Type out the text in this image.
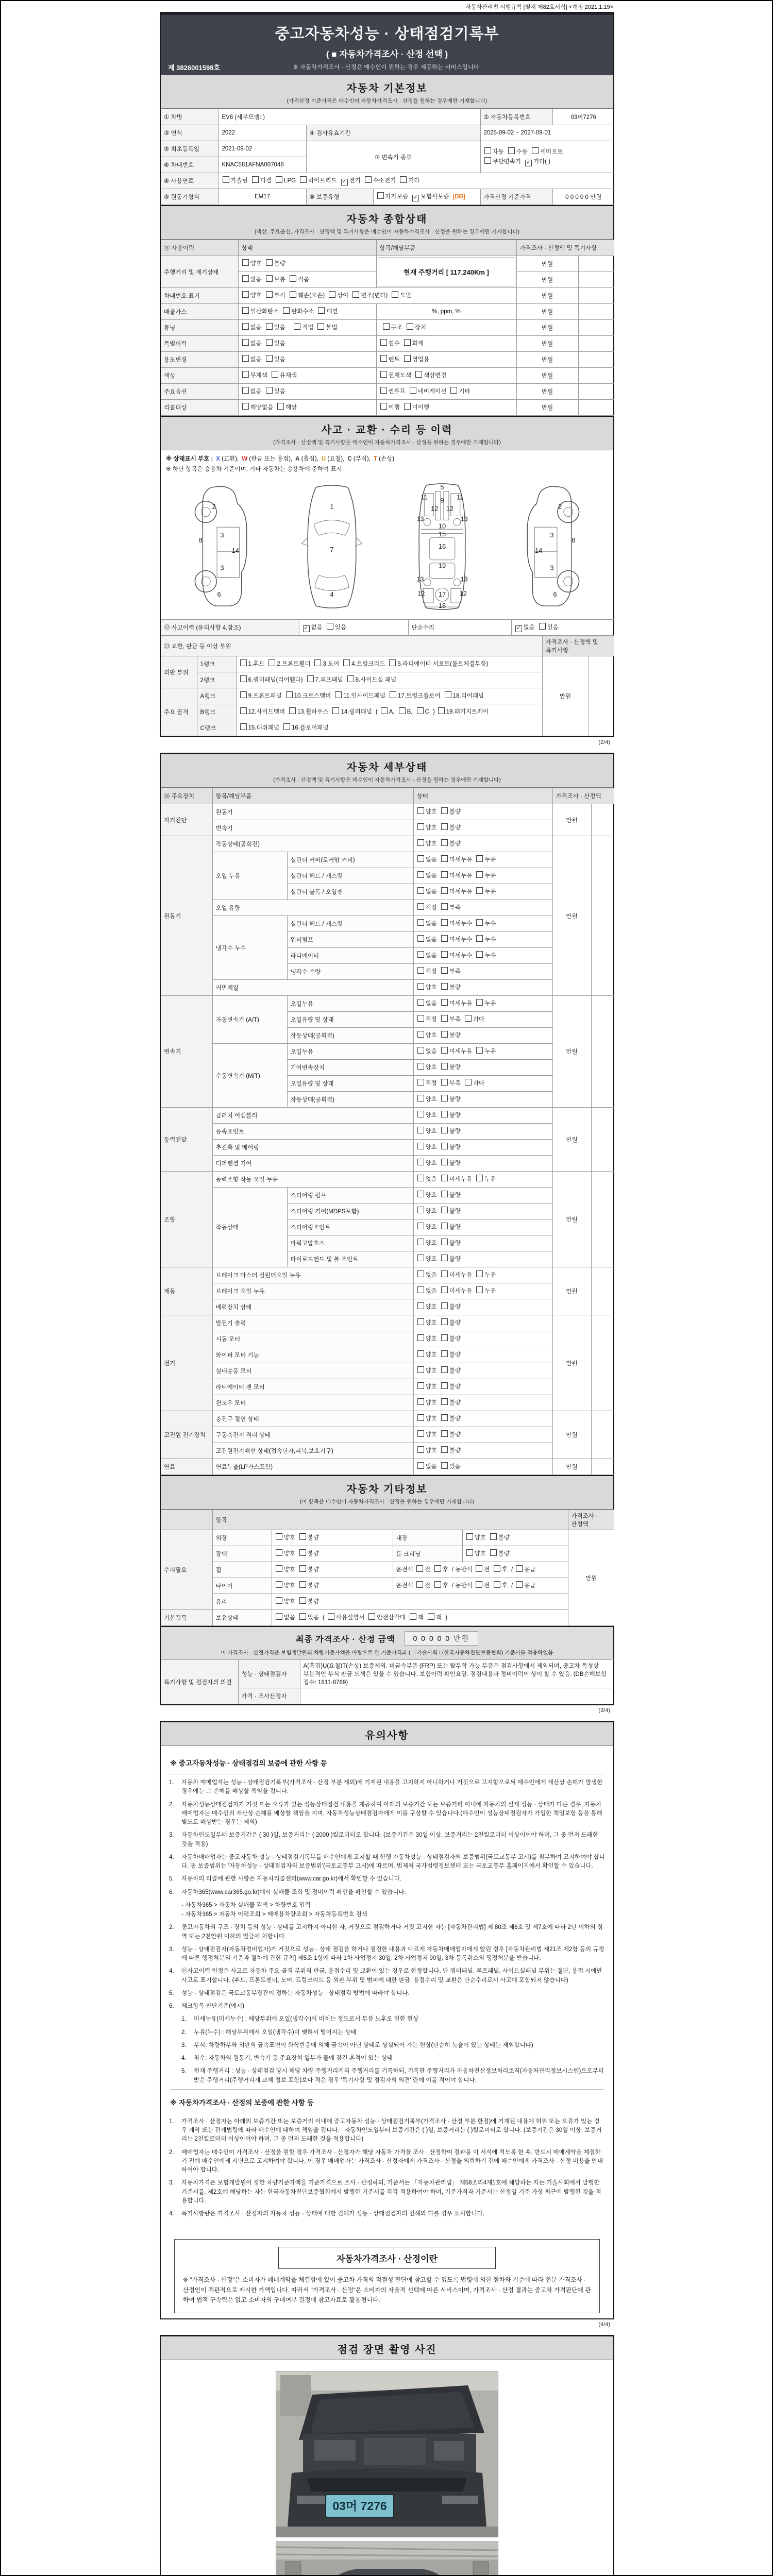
자동차관리법 시행규칙 [별지 제82호서식] <개정 2021.1.19>
중고자동차성능 · 상태점검기록부
( ■ 자동차가격조사 · 산정 선택 )
※ 자동차가격조사 · 산정은 매수인이 원하는 경우 제공하는 서비스입니다.
제 3826001598호
자동차 기본정보
(가격산정 기준가격은 매수인이 자동차가격조사 · 산정을 원하는 경우에만 기재합니다)
① 차명	EV6 (세부모델: )			② 자동차등록번호	03머7276
③ 연식	2022	④ 검사유효기간		2025-09-02 ~ 2027-09-01	
⑤ 최초등록일	2021-09-02	⑦ 변속기 종류		자동 수동 세미오토
무단변속기 ✓ 기타( )	

⑥ 차대번호	KNAC581AFNA007048				
⑧ 사용연료	가솔린 디젤 LPG 하이브리드 ✓ 전기 수소전기 기타				

⑨ 원동기형식	EM17	⑩ 보증유형	자가보증 ✓ 보험사보증 [DB]	가격산정 기준가격	0 0 0 0 0 만원
자동차 종합상태
(색상, 주요옵션, 가격조사 · 산정액 및 특기사항은 매수인이 자동차가격조사 · 산정을 원하는 경우에만 기재합니다)
⑪ 사용이력	상태	항목/해당부품	가격조사 · 산정액 및 특기사항	
주행거리 및 계기상태	양호 불량	현재 주행거리 [ 117,240Km ]	만원	

	많음 보통 적음		만원	
차대번호 표기	양호 부식 훼손(오손) 상이 변조(변타) 도말		만원	
배출가스	일산화탄소 탄화수소 매연	%, ppm, %	만원	
튜닝	없음 있음 적법 불법	구조 장치	만원	
특별이력	없음 있음	침수 화재	만원	
용도변경	없음 있음	렌트 영업용	만원	
색상	무채색 유채색	전체도색 색상변경	만원	
주요옵션	없음 있음	썬루프 네비게이션 기타	만원	
리콜대상	해당없음 해당	이행 미이행	만원	
사고 · 교환 · 수리 등 이력
(가격조사 · 산정액 및 특기사항은 매수인이 자동차가격조사 · 산정을 원하는 경우에만 기재합니다)
※ 상태표시 부호 : X (교환), W (판금 또는 용접), A (흠집), U (요철), C (부식), T (손상)
※ 하단 항목은 승용차 기준이며, 기타 자동차는 승용차에 준하여 표시
2
8
3
14
3
6
1
7
4
5
11 9 11
13
12 12
13
10
15
16
13
19
13
12 17 12
18
2
3
8
14
3
6
⑫ 사고이력 (유의사항 4.참조)	✓ 없음 있음	단순수리	✓ 없음 있음
⑬ 교환, 판금 등 이상 부위			가격조사 · 산정액 및 특기사항	
외판 부위	1랭크	1.후드 2.프론트휀더 3.도어 4.트렁크리드 5.라디에이터 서포트(볼트체결부품)	만원	
	2랭크	6.쿼터패널(리어휀다) 7.루프패널 8.사이드실 패널		

주요 골격	A랭크	9.프론트패널 10.크로스멤버 11.인사이드패널 17.트렁크플로어 18.리어패널		

	B랭크	12.사이드멤버 13.휠하우스 14.필러패널 ( A, B, C ) 19.패키지트레이		

	C랭크	15.대쉬패널 16.플로어패널		
(2/4)
자동차 세부상태
(가격조사 · 산정액 및 특기사항은 매수인이 자동차가격조사 · 산정을 원하는 경우에만 기재합니다)
⑭ 주요장치	항목/해당부품		상태	가격조사 · 산정액	
자기진단	원동기		양호 불량	만원	
	변속기		양호 불량		

원동기	작동상태(공회전)		양호 불량	만원	
	오일 누유	실린더 커버(로커암 커버)	없음 미세누유 누유		

		실린더 헤드 / 개스킷	없음 미세누유 누유		

		실린더 블록 / 오일팬	없음 미세누유 누유		

	오일 유량		적정 부족		

	냉각수 누수	실린더 헤드 / 개스킷	없음 미세누수 누수		

		워터펌프	없음 미세누수 누수		

		라디에이터	없음 미세누수 누수		

		냉각수 수량	적정 부족		

	커먼레일		양호 불량		

변속기	자동변속기 (A/T)	오일누유	없음 미세누유 누유	만원	
		오일유량 및 상태	적정 부족 과다		

		작동상태(공회전)	양호 불량		

	수동변속기 (M/T)	오일누유	없음 미세누유 누유		

		기어변속장치	양호 불량		

		오일유량 및 상태	적정 부족 과다		

		작동상태(공회전)	양호 불량		

동력전달	클러치 어셈블리		양호 불량	만원	
	등속죠인트		양호 불량		

	추진축 및 베어링		양호 불량		

	디퍼렌셜 기어		양호 불량		

조향	동력조향 작동 오일 누유		없음 미세누유 누유	만원	
	작동상태	스티어링 펌프	양호 불량		

		스티어링 기어(MDPS포함)	양호 불량		

		스티어링조인트	양호 불량		

		파워고압호스	양호 불량		

		타이로드엔드 및 볼 조인트	양호 불량		

제동	브레이크 마스터 실린더오일 누유		없음 미세누유 누유	만원	
	브레이크 오일 누유		없음 미세누유 누유		

	배력장치 상태		양호 불량		

전기	발전기 출력		양호 불량	만원	
	시동 모터		양호 불량		

	와이퍼 모터 기능		양호 불량		

	실내송풍 모터		양호 불량		

	라디에이터 팬 모터		양호 불량		

	윈도우 모터		양호 불량		

고전원 전기장치	충전구 절연 상태		양호 불량	만원	
	구동축전지 격리 상태		양호 불량		

	고전원전기배선 상태(접속단자,피복,보호기구)		양호 불량		

연료	연료누출(LP가스포함)		없음 있음	만원	
자동차 기타정보
(이 항목은 매수인이 자동차가격조사 · 산정을 원하는 경우에만 기재합니다)
	항목				가격조사 · 산정액
수리필요	외장	양호 불량	내장	양호 불량	만원
	광택	양호 불량	룸 크리닝	양호 불량	

	휠	양호 불량	운전석 전 후 / 동반석 전 후 / 응급		

	타이어	양호 불량	운전석 전 후 / 동반석 전 후 / 응급		

	유리	양호 불량			

기본품목	보유상태	없음 있음 ( 사용설명서 안전삼각대 잭 잭 )			
최종 가격조사 · 산정 금액	0 0 0 0 0 만원
이 가격조사 · 산정가격은 보험개발원의 차량기준가액을 바탕으로 한 기준가격과 ( □ 기술사회 □ 한국자동차진단보증협회) 기준서를 적용하였음
특기사항 및 점검자의 의견	성능 · 상태점검자	A(흠집)U(요철)T(손상) 보증제외. 비금속부품 (FRP) 또는 탈부착 가능 부품은 점검사항에서 제외되며, 중고차 특성상 부분적인 부식 판금 도색은 있을 수 있습니다. 보험이력 확인요망. 점검내용과 정비이력이 상이 할 수 있음. (DB손해보험 접수: 1811-8769)
	가격 · 조사산정자	
(3/4)
유의사항
※ 중고자동차성능 · 상태점검의 보증에 관한 사항 등
1.	자동차 매매업자는 성능 · 상태점검기록부(가격조사 · 산정 부분 제외)에 기재된 내용을 고지하지 아니하거나 거짓으로 고지함으로써 매수인에게 재산상 손해가 발생한 경우에는 그 손해를 배상할 책임을 집니다.
2.	자동차성능상태점검자가 거짓 또는 오류가 있는 성능상태점검 내용을 제공하여 아래의 보증기간 또는 보증거리 이내에 자동차의 실제 성능 · 상태가 다른 경우, 자동차매매업자는 매수인의 재산상 손해를 배상할 책임을 지며, 자동차성능상태점검자에게 이를 구상할 수 있습니다.(매수인이 성능상태점검자가 가입한 책임보험 등을 통해 별도로 배상받는 경우는 제외)
3.	자동차인도일부터 보증기간은 ( 30 )일, 보증거리는 ( 2000 )킬로미터로 합니다. (보증기간은 30일 이상, 보증거리는 2천킬로미터 이상이어야 하며, 그 중 먼저 도래한 것을 적용)
4.	자동차매매업자는 중고자동차 성능 · 상태점검기록부를 매수인에게 고지할 때 현행 자동차성능 · 상태점검자의 보증범위(국토교통부 고시)를 첨부하여 고지하여야 합니다. 동 보증범위는 '자동차성능 · 상태점검자의 보증범위'(국토교통부 고시)에 따르며, 법제처 국가법령정보센터 또는 국토교통부 홈페이지에서 확인할 수 있습니다.
5.	자동차의 리콜에 관한 사항은 자동차리콜센터(www.car.go.kr)에서 확인할 수 있습니다.
6.	자동차365(www.car365.go.kr)에서 실매물 조회 및 정비이력 확인을 확인할 수 있습니다.
- 자동차365 > 자동차 실매물 검색 > 차량번호 입력
- 자동차365 > 자동차 이력조회 > 매매용차량조회 > 자동차등록번호 검색
2.	중고자동차의 구조 · 장치 등의 성능 · 상태를 고지하지 아니한 자, 거짓으로 점검하거나 거짓 고지한 자는 [자동차관리법] 제 80조 제6호 및 제7호에 따라 2년 이하의 징역 또는 2천만원 이하의 벌금에 처합니다.
3.	성능 · 상태점검자(자동차정비업자)가 거짓으로 성능 · 상태 점검을 하거나 점검한 내용과 다르게 자동차매매업자에게 알린 경우 [자동차관리법 제21조 제2항 등의 규정에 따른 행정처분의 기준과 절차에 관한 규칙] 제5조 1항에 따라 1차 사업정지 30일, 2차 사업정지 90일, 3차 등록취소의 행정처분을 받습니다.
4.	⑫사고이력 인정은 사고로 자동차 주요 골격 부위의 판금, 용접수리 및 교환이 있는 경우로 한정합니다. 단 쿼터패널, 루프패널, 사이드실패널 부위는 절단, 용접 시에만 사고로 표기합니다. (후드, 프론트펜더, 도어, 트렁크리드 등 외판 부위 및 범퍼에 대한 판금, 용접수리 및 교환은 단순수리로서 사고에 포함되지 않습니다)
5.	성능 · 상태점검은 국토교통부장관이 정하는 자동차성능 · 상태점검 방법에 따라야 합니다.
6.	체크항목 판단기준(예시)
1.	미세누유(미세누수) : 해당부위에 오일(냉각수)이 비치는 정도로서 부품 노후로 인한 현상
2.	누유(누수) : 해당부위에서 오일(냉각수)이 맺혀서 떨어지는 상태
3.	부식: 차량하부와 외판의 금속표면이 화학반응에 의해 금속이 아닌 상태로 상실되어 가는 현상(단순히 녹슬어 있는 상태는 제외합니다)
4.	침수: 자동차의 원동기, 변속기 등 주요장치 일부가 물에 잠긴 흔적이 있는 상태
5.	현재 주행거리 : 성능 · 상태점검 당시 해당 차량 주행거리계의 주행거리를 기록하되, 기록한 주행거리가 자동차전산정보처리조직(자동차관리정보시스템)으로부터 받은 주행거리(주행거리계 교체 정보 포함)보다 적은 경우 '특기사항 및 점검자의 의견' 란에 이를 적어야 합니다.
※ 자동차가격조사 · 산정의 보증에 관한 사항 등
1.	가격조사 · 산정자는 아래의 보증기간 또는 보증거리 이내에 중고자동차 성능 · 상태점검기록부(가격조사 · 산정 부분 한정)에 기재된 내용에 허위 또는 오류가 있는 경우 계약 또는 관계법령에 따라 매수인에 대하여 책임을 집니다. · 자동차인도일부터 보증기간은 ( )일, 보증거리는 ( )킬로미터로 합니다. (보증기간은 30일 이상, 보증거리는 2천킬로미터 이상이어야 하며, 그 중 먼저 도래한 것을 적용합니다)
2.	매매업자는 매수인이 가격조사 · 산정을 원할 경우 가격조사 · 산정자가 해당 자동차 가격을 조사 · 산정하여 결과를 이 서식에 적도록 한 후, 반드시 매매계약을 체결하기 전에 매수인에게 서면으로 고지하여야 합니다. 이 경우 매매업자는 가격조사 · 산정자에게 가격조사 · 산정을 의뢰하기 전에 매수인에게 가격조사 · 산정 비용을 안내하여야 합니다.
3.	자동차가격은 보험개발원이 정한 차량기준가액을 기준가격으로 조사 · 산정하되, 기준서는 「자동차관리법」 제58조의4제1호에 해당하는 자는 기술사회에서 발행한 기준서를, 제2호에 해당하는 자는 한국자동차진단보증협회에서 발행한 기준서를 각각 적용하여야 하며, 기준가격과 기준서는 산정일 기준 가장 최근에 발행된 것을 적용합니다.
4.	특기사항란은 가격조사 · 산정자의 자동차 성능 · 상태에 대한 견해가 성능 · 상태점검자의 견해와 다를 경우 표시합니다.
자동차가격조사 · 산정이란
※ "가격조사 · 산정"은 소비자가 매매계약을 체결함에 있어 중고차 가격의 적절성 판단에 참고할 수 있도록 법령에 의한 절차와 기준에 따라 전문 가격조사 · 산정인이 객관적으로 제시한 가액입니다. 따라서 "가격조사 · 산정"은 소비자의 자율적 선택에 따른 서비스이며, 가격조사 · 산정 결과는 중고차 가격판단에 관하여 법적 구속력은 없고 소비자의 구매여부 결정에 참고자료로 활용됩니다.
(4/4)
점검 장면 촬영 사진
03머 7276
